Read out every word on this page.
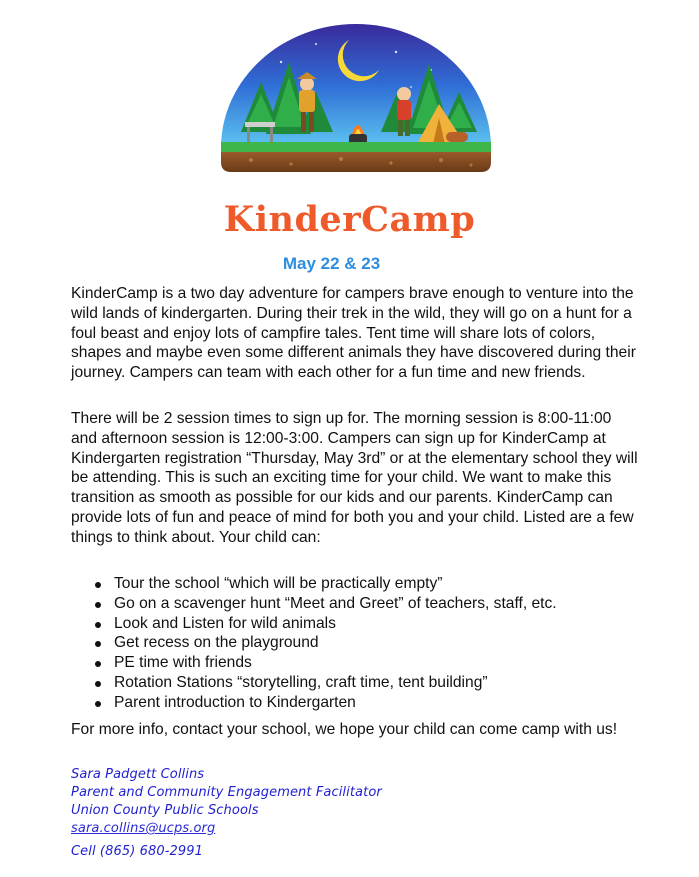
KinderCamp
May 22 & 23

KinderCamp is a two day adventure for campers brave enough to venture into the wild lands of kindergarten. During their trek in the wild, they will go on a hunt for a foul beast and enjoy lots of campfire tales. Tent time will share lots of colors, shapes and maybe even some different animals they have discovered during their journey. Campers can team with each other for a fun time and new friends.

There will be 2 session times to sign up for. The morning session is 8:00-11:00 and afternoon session is 12:00-3:00. Campers can sign up for KinderCamp at Kindergarten registration “Thursday, May 3rd” or at the elementary school they will be attending. This is such an exciting time for your child. We want to make this transition as smooth as possible for our kids and our parents. KinderCamp can provide lots of fun and peace of mind for both you and your child. Listed are a few things to think about. Your child can:

Tour the school “which will be practically empty”
Go on a scavenger hunt “Meet and Greet” of teachers, staff, etc.
Look and Listen for wild animals
Get recess on the playground
PE time with friends
Rotation Stations “storytelling, craft time, tent building”
Parent introduction to Kindergarten

For more info, contact your school, we hope your child can come camp with us!

Sara Padgett Collins
Parent and Community Engagement Facilitator
Union County Public Schools
sara.collins@ucps.org
Cell (865) 680-2991
